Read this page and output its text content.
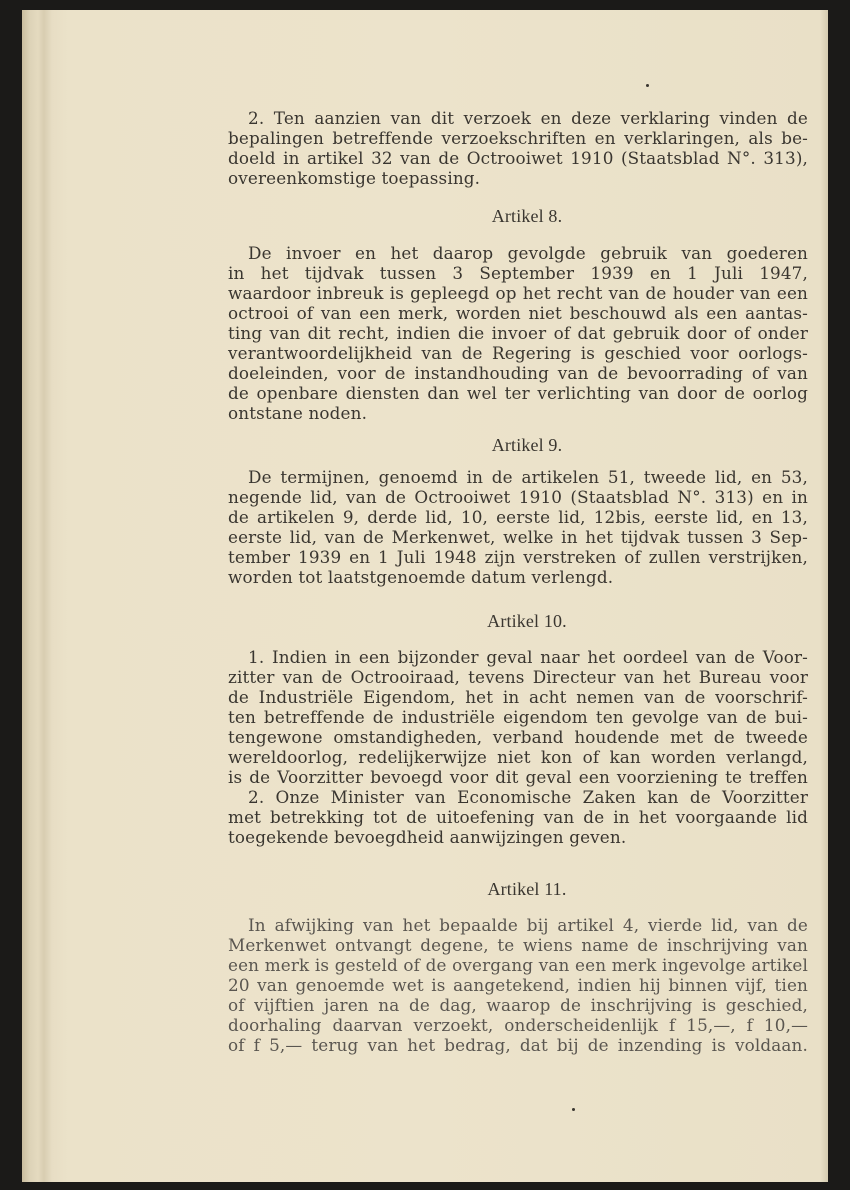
2. Ten aanzien van dit verzoek en deze verklaring vinden de
bepalingen betreffende verzoekschriften en verklaringen, als be-
doeld in artikel 32 van de Octrooiwet 1910 (Staatsblad N°. 313),
overeenkomstige toepassing.
Artikel 8.
De invoer en het daarop gevolgde gebruik van goederen
in het tijdvak tussen 3 September 1939 en 1 Juli 1947,
waardoor inbreuk is gepleegd op het recht van de houder van een
octrooi of van een merk, worden niet beschouwd als een aantas-
ting van dit recht, indien die invoer of dat gebruik door of onder
verantwoordelijkheid van de Regering is geschied voor oorlogs-
doeleinden, voor de instandhouding van de bevoorrading of van
de openbare diensten dan wel ter verlichting van door de oorlog
ontstane noden.
Artikel 9.
De termijnen, genoemd in de artikelen 51, tweede lid, en 53,
negende lid, van de Octrooiwet 1910 (Staatsblad N°. 313) en in
de artikelen 9, derde lid, 10, eerste lid, 12bis, eerste lid, en 13,
eerste lid, van de Merkenwet, welke in het tijdvak tussen 3 Sep-
tember 1939 en 1 Juli 1948 zijn verstreken of zullen verstrijken,
worden tot laatstgenoemde datum verlengd.
Artikel 10.
1. Indien in een bijzonder geval naar het oordeel van de Voor-
zitter van de Octrooiraad, tevens Directeur van het Bureau voor
de Industriële Eigendom, het in acht nemen van de voorschrif-
ten betreffende de industriële eigendom ten gevolge van de bui-
tengewone omstandigheden, verband houdende met de tweede
wereldoorlog, redelijkerwijze niet kon of kan worden verlangd,
is de Voorzitter bevoegd voor dit geval een voorziening te treffen
2. Onze Minister van Economische Zaken kan de Voorzitter
met betrekking tot de uitoefening van de in het voorgaande lid
toegekende bevoegdheid aanwijzingen geven.
Artikel 11.
In afwijking van het bepaalde bij artikel 4, vierde lid, van de
Merkenwet ontvangt degene, te wiens name de inschrijving van
een merk is gesteld of de overgang van een merk ingevolge artikel
20 van genoemde wet is aangetekend, indien hij binnen vijf, tien
of vijftien jaren na de dag, waarop de inschrijving is geschied,
doorhaling daarvan verzoekt, onderscheidenlijk f 15,—, f 10,—
of f 5,— terug van het bedrag, dat bij de inzending is voldaan.
